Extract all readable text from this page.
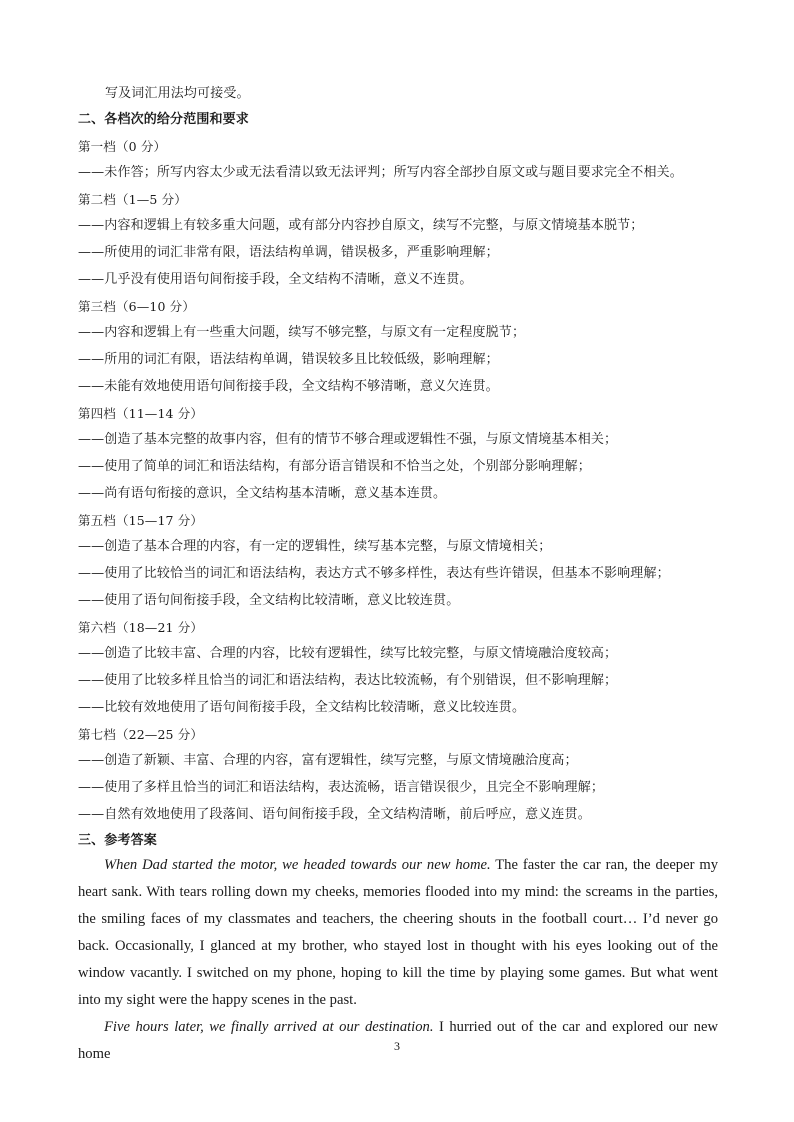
写及词汇用法均可接受。
二、各档次的给分范围和要求
第一档（0 分）
——未作答；所写内容太少或无法看清以致无法评判；所写内容全部抄自原文或与题目要求完全不相关。
第二档（1—5 分）
——内容和逻辑上有较多重大问题，或有部分内容抄自原文，续写不完整，与原文情境基本脱节；
——所使用的词汇非常有限，语法结构单调，错误极多，严重影响理解；
——几乎没有使用语句间衔接手段，全文结构不清晰，意义不连贯。
第三档（6—10 分）
——内容和逻辑上有一些重大问题，续写不够完整，与原文有一定程度脱节；
——所用的词汇有限，语法结构单调，错误较多且比较低级，影响理解；
——未能有效地使用语句间衔接手段，全文结构不够清晰，意义欠连贯。
第四档（11—14 分）
——创造了基本完整的故事内容，但有的情节不够合理或逻辑性不强，与原文情境基本相关；
——使用了简单的词汇和语法结构，有部分语言错误和不恰当之处，个别部分影响理解；
——尚有语句衔接的意识，全文结构基本清晰，意义基本连贯。
第五档（15—17 分）
——创造了基本合理的内容，有一定的逻辑性，续写基本完整，与原文情境相关；
——使用了比较恰当的词汇和语法结构，表达方式不够多样性，表达有些许错误，但基本不影响理解；
——使用了语句间衔接手段，全文结构比较清晰，意义比较连贯。
第六档（18—21 分）
——创造了比较丰富、合理的内容，比较有逻辑性，续写比较完整，与原文情境融洽度较高；
——使用了比较多样且恰当的词汇和语法结构，表达比较流畅，有个别错误，但不影响理解；
——比较有效地使用了语句间衔接手段，全文结构比较清晰，意义比较连贯。
第七档（22—25 分）
——创造了新颖、丰富、合理的内容，富有逻辑性，续写完整，与原文情境融洽度高；
——使用了多样且恰当的词汇和语法结构，表达流畅，语言错误很少，且完全不影响理解；
——自然有效地使用了段落间、语句间衔接手段，全文结构清晰，前后呼应，意义连贯。
三、参考答案

When Dad started the motor, we headed towards our new home. The faster the car ran, the deeper my heart sank. With tears rolling down my cheeks, memories flooded into my mind: the screams in the parties, the smiling faces of my classmates and teachers, the cheering shouts in the football court… I’d never go back. Occasionally, I glanced at my brother, who stayed lost in thought with his eyes looking out of the window vacantly. I switched on my phone, hoping to kill the time by playing some games. But what went into my sight were the happy scenes in the past.

Five hours later, we finally arrived at our destination. I hurried out of the car and explored our new home	3
